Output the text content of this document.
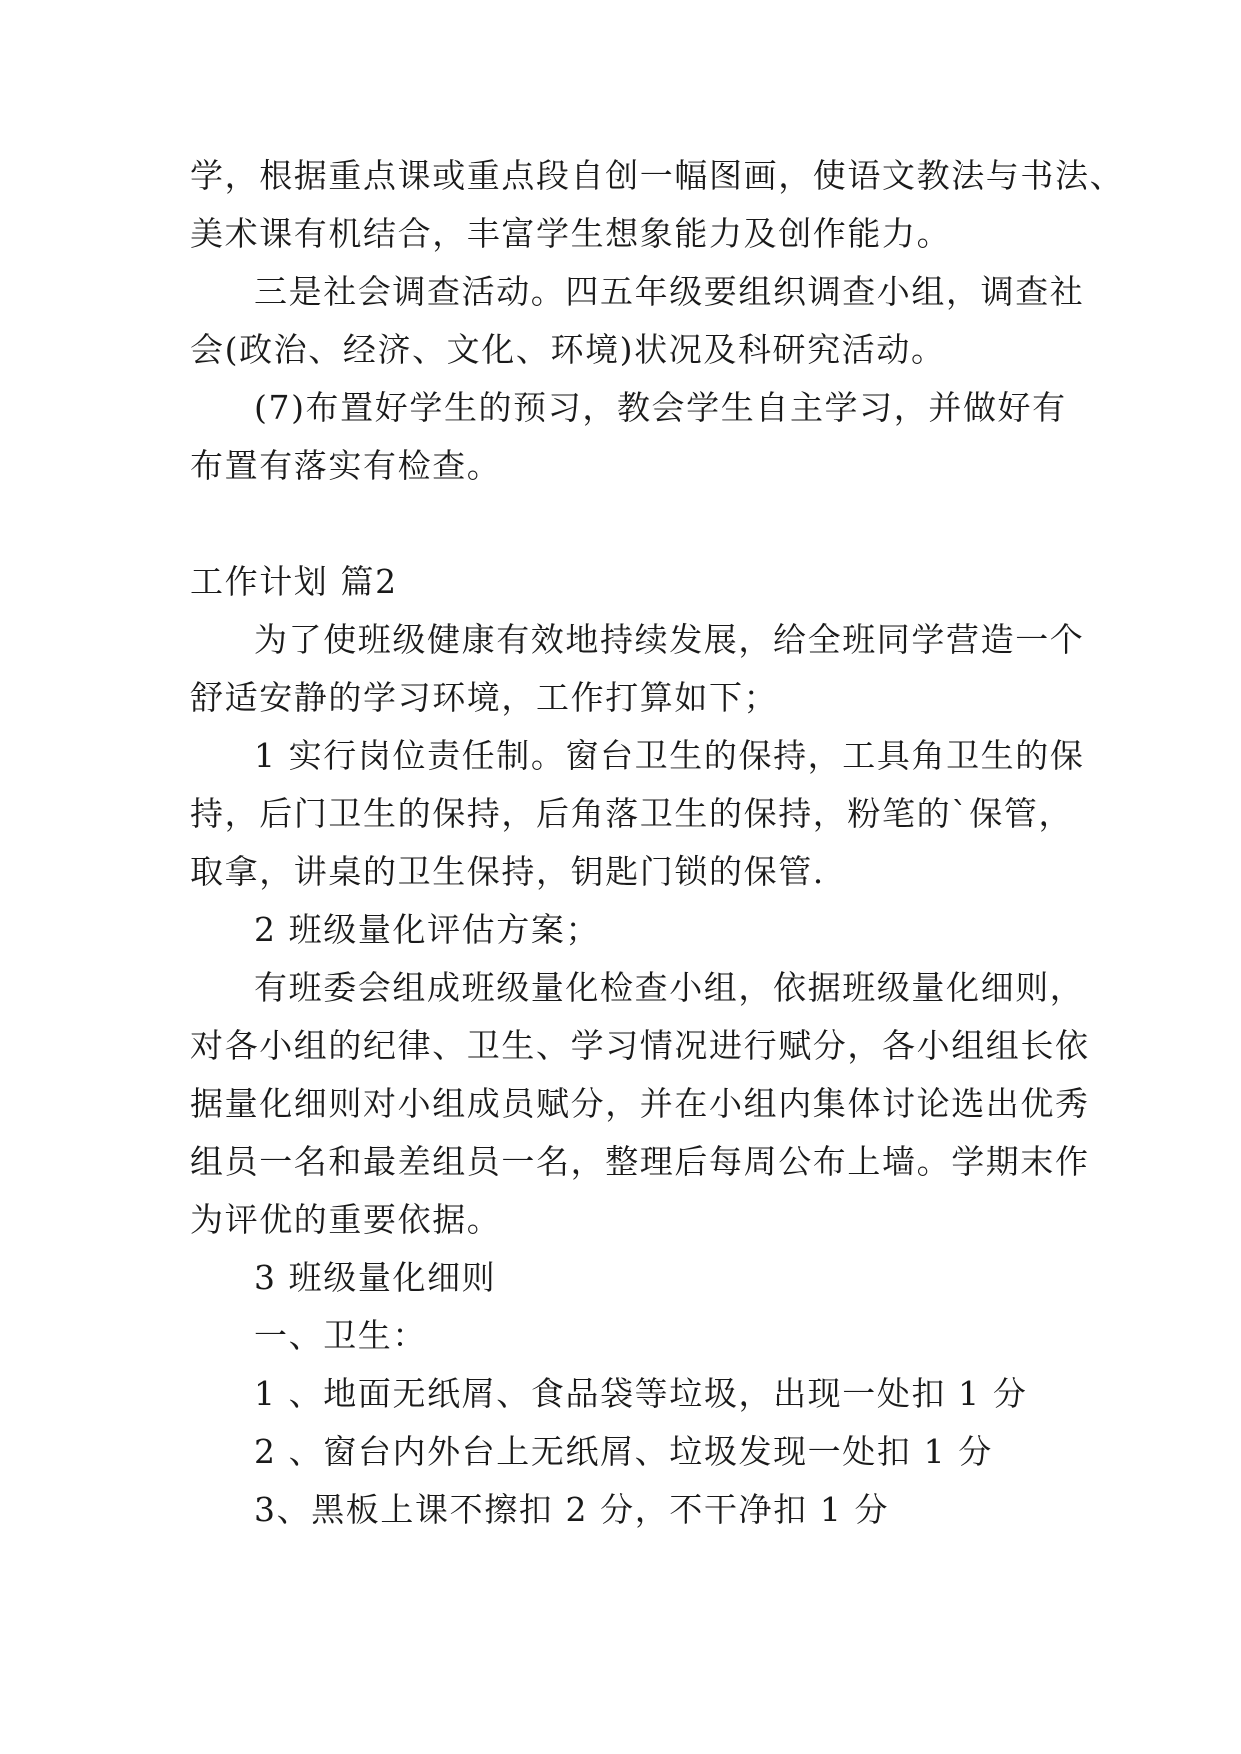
学，根据重点课或重点段自创一幅图画，使语文教法与书法、

美术课有机结合，丰富学生想象能力及创作能力。

三是社会调查活动。四五年级要组织调查小组，调查社

会(政治、经济、文化、环境)状况及科研究活动。

(7)布置好学生的预习，教会学生自主学习，并做好有

布置有落实有检查。

工作计划 篇2

为了使班级健康有效地持续发展，给全班同学营造一个

舒适安静的学习环境，工作打算如下；

1 实行岗位责任制。窗台卫生的保持，工具角卫生的保

持，后门卫生的保持，后角落卫生的保持，粉笔的`保管，

取拿，讲桌的卫生保持，钥匙门锁的保管.

2 班级量化评估方案；

有班委会组成班级量化检查小组，依据班级量化细则，

对各小组的纪律、卫生、学习情况进行赋分，各小组组长依

据量化细则对小组成员赋分，并在小组内集体讨论选出优秀

组员一名和最差组员一名，整理后每周公布上墙。学期末作

为评优的重要依据。

3 班级量化细则

一、卫生：

1 、地面无纸屑、食品袋等垃圾，出现一处扣 1 分

2 、窗台内外台上无纸屑、垃圾发现一处扣 1 分

3、黑板上课不擦扣 2 分，不干净扣 1 分
